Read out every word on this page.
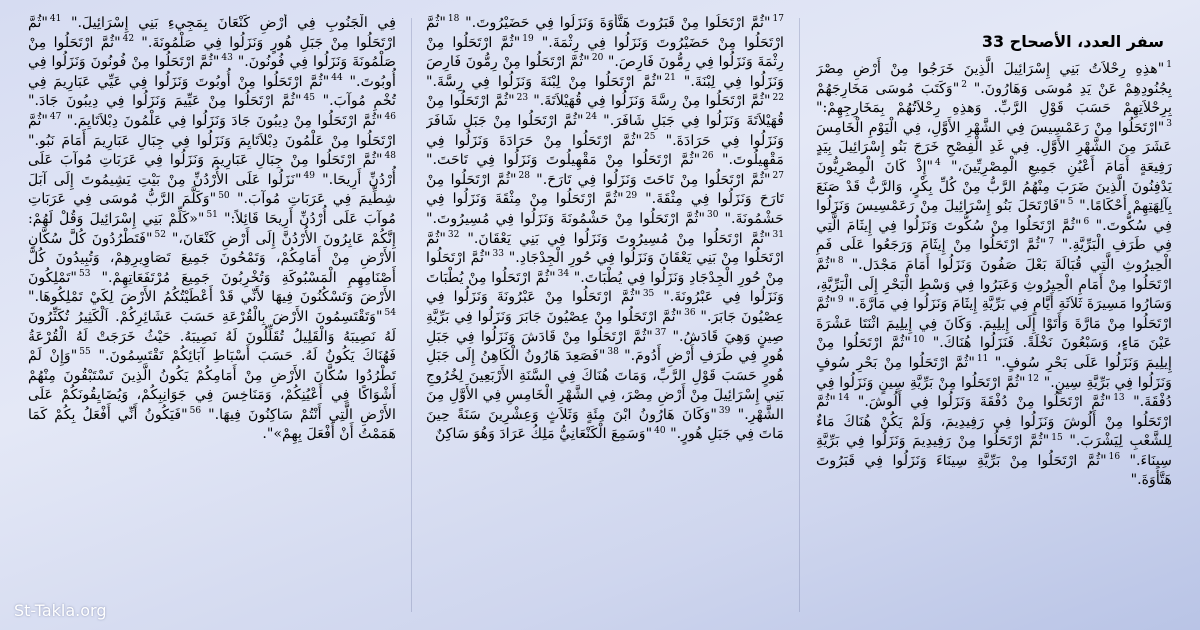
سفر العدد، الأصحاح 33
$^1$"هذِهِ رِحْلاَتُ بَنِي إِسْرَائِيلَ الَّذِينَ خَرَجُوا مِنْ أَرْضِ مِصْرَ بِجُنُودِهِمْ عَنْ يَدِ مُوسَى وَهَارُونَ." $^2$"وَكَتَبَ مُوسَى مَخَارِجَهُمْ بِرِحْلاَتِهِمْ حَسَبَ قَوْلِ الرَّبِّ. وَهذِهِ رِحْلاَتُهُمْ بِمَخَارِجِهِمْ:" $^3$"ارْتَحَلُوا مِنْ رَعَمْسِيسَ فِي الشَّهْرِ الأَوَّلِ، فِي الْيَوْمِ الْخَامِسَ عَشَرَ مِنَ الشَّهْرِ الأَوَّلِ. فِي غَدِ الْفِصْحِ خَرَجَ بَنُو إِسْرَائِيلَ بِيَدٍ رَفِيعَةٍ أَمَامَ أَعْيُنِ جَمِيعِ الْمِصْرِيِّينَ،" $^4$"إِذْ كَانَ الْمِصْرِيُّونَ يَدْفِنُونَ الَّذِينَ ضَرَبَ مِنْهُمُ الرَّبُّ مِنْ كُلِّ بِكْرٍ، وَالرَّبُّ قَدْ صَنَعَ بِآلِهَتِهِمْ أَحْكَامًا." $^5$"فَارْتَحَلَ بَنُو إِسْرَائِيلَ مِنْ رَعَمْسِيسَ وَنَزَلُوا فِي سُكُّوتَ." $^6$"ثُمَّ ارْتَحَلُوا مِنْ سُكُّوتَ وَنَزَلُوا فِي إِيثَامَ الَّتِي فِي طَرَفِ الْبَرِّيَّةِ." $^7$"ثُمَّ ارْتَحَلُوا مِنْ إِيثَامَ وَرَجَعُوا عَلَى فَمِ الْحِيرُوثِ الَّتِي قُبَالَةَ بَعْلَ صَفُونَ وَنَزَلُوا أَمَامَ مَجْدَل." $^8$"ثُمَّ ارْتَحَلُوا مِنْ أَمَامِ الْحِيرُوثِ وَعَبَرُوا فِي وَسْطِ الْبَحْرِ إِلَى الْبَرِّيَّةِ، وَسَارُوا مَسِيرَةَ ثَلاَثَةِ أَيَّامٍ فِي بَرِّيَّةِ إِيثَامَ وَنَزَلُوا فِي مَارَّةَ." $^9$"ثُمَّ ارْتَحَلُوا مِنْ مَارَّةَ وَأَتَوْا إِلَى إِيلِيمَ. وَكَانَ فِي إِيلِيمَ اثْنَتَا عَشْرَةَ عَيْنَ مَاءٍ، وَسَبْعُونَ نَخْلَةً. فَنَزَلُوا هُنَاكَ." $^{10}$"ثُمَّ ارْتَحَلُوا مِنْ إِيلِيمَ وَنَزَلُوا عَلَى بَحْرِ سُوفٍ." $^{11}$"ثُمَّ ارْتَحَلُوا مِنْ بَحْرِ سُوفٍ وَنَزَلُوا فِي بَرِّيَّةِ سِينٍ." $^{12}$"ثُمَّ ارْتَحَلُوا مِنْ بَرِّيَّةِ سِينٍ وَنَزَلُوا فِي دُفْقَةَ." $^{13}$"ثُمَّ ارْتَحَلُوا مِنْ دُفْقَةَ وَنَزَلُوا فِي أَلُوشَ." $^{14}$"ثُمَّ ارْتَحَلُوا مِنْ أَلُوشَ وَنَزَلُوا فِي رَفِيدِيمَ، وَلَمْ يَكُنْ هُنَاكَ مَاءٌ لِلشَّعْبِ لِيَشْرَبَ." $^{15}$"ثُمَّ ارْتَحَلُوا مِنْ رَفِيدِيمَ وَنَزَلُوا فِي بَرِّيَّةِ سِينَاءَ." $^{16}$"ثُمَّ ارْتَحَلُوا مِنْ بَرِّيَّةِ سِينَاءَ وَنَزَلُوا فِي قَبَرُوتَ هَتَّأَوَةَ."
$^{17}$"ثُمَّ ارْتَحَلُوا مِنْ قَبَرُوتَ هَتَّأَوَةَ وَنَزَلُوا فِي حَضَيْرُوتَ." $^{18}$"ثُمَّ ارْتَحَلُوا مِنْ حَضَيْرُوتَ وَنَزَلُوا فِي رِثْمَةَ." $^{19}$"ثُمَّ ارْتَحَلُوا مِنْ رِثْمَةَ وَنَزَلُوا فِي رِمُّونَ فَارِصَ." $^{20}$"ثُمَّ ارْتَحَلُوا مِنْ رِمُّونَ فَارِصَ وَنَزَلُوا فِي لِبْنَةَ." $^{21}$"ثُمَّ ارْتَحَلُوا مِنْ لِبْنَةَ وَنَزَلُوا فِي رِسَّةَ." $^{22}$"ثُمَّ ارْتَحَلُوا مِنْ رِسَّةَ وَنَزَلُوا فِي قُهَيْلاَتَةَ." $^{23}$"ثُمَّ ارْتَحَلُوا مِنْ قُهَيْلاَتَةَ وَنَزَلُوا فِي جَبَلِ شَافَرَ." $^{24}$"ثُمَّ ارْتَحَلُوا مِنْ جَبَلِ شَافَرَ وَنَزَلُوا فِي حَرَادَةَ." $^{25}$"ثُمَّ ارْتَحَلُوا مِنْ حَرَادَةَ وَنَزَلُوا فِي مَقْهِيلُوتَ." $^{26}$"ثُمَّ ارْتَحَلُوا مِنْ مَقْهِيلُوتَ وَنَزَلُوا فِي تَاحَتَ." $^{27}$"ثُمَّ ارْتَحَلُوا مِنْ تَاحَتَ وَنَزَلُوا فِي تَارَحَ." $^{28}$"ثُمَّ ارْتَحَلُوا مِنْ تَارَحَ وَنَزَلُوا فِي مِثْقَةَ." $^{29}$"ثُمَّ ارْتَحَلُوا مِنْ مِثْقَةَ وَنَزَلُوا فِي حَشْمُونَةَ." $^{30}$"ثُمَّ ارْتَحَلُوا مِنْ حَشْمُونَةَ وَنَزَلُوا فِي مُسِيرُوتَ." $^{31}$"ثُمَّ ارْتَحَلُوا مِنْ مُسِيرُوتَ وَنَزَلُوا فِي بَنِي يَعْقَانَ." $^{32}$"ثُمَّ ارْتَحَلُوا مِنْ بَنِي يَعْقَانَ وَنَزَلُوا فِي حُورِ الْجِدْجَادِ." $^{33}$"ثُمَّ ارْتَحَلُوا مِنْ حُورِ الْجِدْجَادِ وَنَزَلُوا فِي يُطْبَاتَ." $^{34}$"ثُمَّ ارْتَحَلُوا مِنْ يُطْبَاتَ وَنَزَلُوا فِي عَبْرُونَةَ." $^{35}$"ثُمَّ ارْتَحَلُوا مِنْ عَبْرُونَةَ وَنَزَلُوا فِي عِصْيُونَ جَابَرَ." $^{36}$"ثُمَّ ارْتَحَلُوا مِنْ عِصْيُونَ جَابَرَ وَنَزَلُوا فِي بَرِّيَّةِ صِينٍ وَهِيَ قَادَشُ." $^{37}$"ثُمَّ ارْتَحَلُوا مِنْ قَادَشَ وَنَزَلُوا فِي جَبَلِ هُورٍ فِي طَرَفِ أَرْضِ أَدُومَ." $^{38}$"فَصَعِدَ هَارُونُ الْكَاهِنُ إِلَى جَبَلِ هُورٍ حَسَبَ قَوْلِ الرَّبِّ، وَمَاتَ هُنَاكَ فِي السَّنَةِ الأَرْبَعِينَ لِخُرُوجِ بَنِي إِسْرَائِيلَ مِنْ أَرْضِ مِصْرَ، فِي الشَّهْرِ الْخَامِسِ فِي الأَوَّلِ مِنَ الشَّهْرِ." $^{39}$"وَكَانَ هَارُونُ ابْنَ مِئَةٍ وَثَلاَثٍ وَعِشْرِينَ سَنَةً حِينَ مَاتَ فِي جَبَلِ هُورٍ." $^{40}$"وَسَمِعَ الْكَنْعَانِيُّ مَلِكُ عَرَادَ وَهُوَ سَاكِنٌ
فِي الْجَنُوبِ فِي أَرْضِ كَنْعَانَ بِمَجِيءِ بَنِي إِسْرَائِيلَ." $^{41}$"ثُمَّ ارْتَحَلُوا مِنْ جَبَلِ هُورٍ وَنَزَلُوا فِي صَلْمُونَةَ." $^{42}$"ثُمَّ ارْتَحَلُوا مِنْ صَلْمُونَةَ وَنَزَلُوا فِي فُونُونَ." $^{43}$"ثُمَّ ارْتَحَلُوا مِنْ فُونُونَ وَنَزَلُوا فِي أُوبُوتَ." $^{44}$"ثُمَّ ارْتَحَلُوا مِنْ أُوبُوتَ وَنَزَلُوا فِي عَيِّي عَبَارِيمَ فِي تُخْمِ مُوآبَ." $^{45}$"ثُمَّ ارْتَحَلُوا مِنْ عَيِّيمَ وَنَزَلُوا فِي دِيبُونَ جَادَ." $^{46}$"ثُمَّ ارْتَحَلُوا مِنْ دِيبُونَ جَادَ وَنَزَلُوا فِي عَلْمُونَ دِبْلاَتَايِمَ." $^{47}$"ثُمَّ ارْتَحَلُوا مِنْ عَلْمُونَ دِبْلاَتَايِمَ وَنَزَلُوا فِي جِبَالِ عَبَارِيمَ أَمَامَ نَبُو." $^{48}$"ثُمَّ ارْتَحَلُوا مِنْ جِبَالِ عَبَارِيمَ وَنَزَلُوا فِي عَرَبَاتِ مُوآبَ عَلَى أُرْدُنِّ أَرِيحَا." $^{49}$"نَزَلُوا عَلَى الأُرْدُنِّ مِنْ بَيْتِ يَشِيمُوتَ إِلَى آبَلَ شِطِّيمَ فِي عَرَبَاتِ مُوآبَ." $^{50}$"وَكَلَّمَ الرَّبُّ مُوسَى فِي عَرَبَاتِ مُوآبَ عَلَى أُرْدُنِّ أَرِيحَا قَائِلاً:" $^{51}$"«كَلِّمْ بَنِي إِسْرَائِيلَ وَقُلْ لَهُمْ: إِنَّكُمْ عَابِرُونَ الأُرْدُنَّ إِلَى أَرْضِ كَنْعَانَ،" $^{52}$"فَتَطْرُدُونَ كُلَّ سُكَّانِ الأَرْضِ مِنْ أَمَامِكُمْ، وَتَمْحُونَ جَمِيعَ تَصَاوِيرِهِمْ، وَتُبِيدُونَ كُلَّ أَصْنَامِهِمِ الْمَسْبُوكَةِ وَتُخْرِبُونَ جَمِيعَ مُرْتَفَعَاتِهِمْ." $^{53}$"تَمْلِكُونَ الأَرْضَ وَتَسْكُنُونَ فِيهَا لأَنِّي قَدْ أَعْطَيْتُكُمُ الأَرْضَ لِكَيْ تَمْلِكُوهَا." $^{54}$"وَتَقْتَسِمُونَ الأَرْضَ بِالْقُرْعَةِ حَسَبَ عَشَائِرِكُمْ. اَلْكَثِيرُ تُكَثِّرُونَ لَهُ نَصِيبَهُ وَالْقَلِيلُ تُقَلِّلُونَ لَهُ نَصِيبَهُ. حَيْثُ خَرَجَتْ لَهُ الْقُرْعَةُ فَهُنَاكَ يَكُونُ لَهُ. حَسَبَ أَسْبَاطِ آبَائِكُمْ تَقْتَسِمُونَ." $^{55}$"وَإِنْ لَمْ تَطْرُدُوا سُكَّانَ الأَرْضِ مِنْ أَمَامِكُمْ يَكُونُ الَّذِينَ تَسْتَبْقُونَ مِنْهُمْ أَشْوَاكًا فِي أَعْيُنِكُمْ، وَمَنَاخِسَ فِي جَوَانِبِكُمْ، وَيُضَايِقُونَكُمْ عَلَى الأَرْضِ الَّتِي أَنْتُمْ سَاكِنُونَ فِيهَا." $^{56}$"فَيَكُونُ أَنِّي أَفْعَلُ بِكُمْ كَمَا هَمَمْتُ أَنْ أَفْعَلَ بِهِمْ»".
St-Takla.org
